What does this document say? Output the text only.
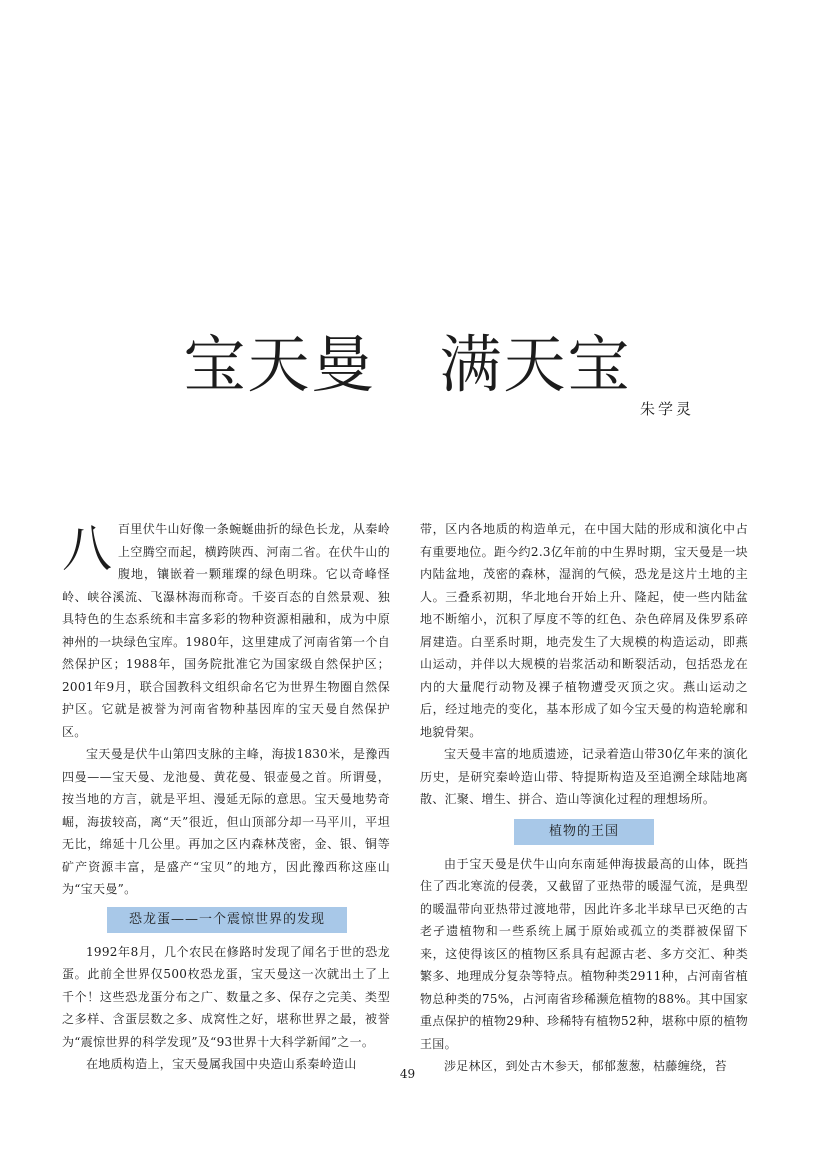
宝天曼 满天宝
朱学灵

八百里伏牛山好像一条蜿蜒曲折的绿色长龙，从秦岭上空腾空而起，横跨陕西、河南二省。在伏牛山的腹地，镶嵌着一颗璀璨的绿色明珠。它以奇峰怪岭、峡谷溪流、飞瀑林海而称奇。千姿百态的自然景观、独具特色的生态系统和丰富多彩的物种资源相融和，成为中原神州的一块绿色宝库。1980年，这里建成了河南省第一个自然保护区；1988年，国务院批准它为国家级自然保护区；2001年9月，联合国教科文组织命名它为世界生物圈自然保护区。它就是被誉为河南省物种基因库的宝天曼自然保护区。

宝天曼是伏牛山第四支脉的主峰，海拔1830米，是豫西四曼——宝天曼、龙池曼、黄花曼、银壶曼之首。所谓曼，按当地的方言，就是平坦、漫延无际的意思。宝天曼地势奇崛，海拔较高，离“天”很近，但山顶部分却一马平川，平坦无比，绵延十几公里。再加之区内森林茂密，金、银、铜等矿产资源丰富，是盛产“宝贝”的地方，因此豫西称这座山为“宝天曼”。

恐龙蛋——一个震惊世界的发现

1992年8月，几个农民在修路时发现了闻名于世的恐龙蛋。此前全世界仅500枚恐龙蛋，宝天曼这一次就出土了上千个！这些恐龙蛋分布之广、数量之多、保存之完美、类型之多样、含蛋层数之多、成窝性之好，堪称世界之最，被誉为“震惊世界的科学发现”及“93世界十大科学新闻”之一。

在地质构造上，宝天曼属我国中央造山系秦岭造山

带，区内各地质的构造单元，在中国大陆的形成和演化中占有重要地位。距今约2.3亿年前的中生界时期，宝天曼是一块内陆盆地，茂密的森林，湿润的气候，恐龙是这片土地的主人。三叠系初期，华北地台开始上升、隆起，使一些内陆盆地不断缩小，沉积了厚度不等的红色、杂色碎屑及侏罗系碎屑建造。白垩系时期，地壳发生了大规模的构造运动，即燕山运动，并伴以大规模的岩浆活动和断裂活动，包括恐龙在内的大量爬行动物及裸子植物遭受灭顶之灾。燕山运动之后，经过地壳的变化，基本形成了如今宝天曼的构造轮廓和地貌骨架。

宝天曼丰富的地质遗迹，记录着造山带30亿年来的演化历史，是研究秦岭造山带、特提斯构造及至追溯全球陆地离散、汇聚、增生、拼合、造山等演化过程的理想场所。

植物的王国

由于宝天曼是伏牛山向东南延伸海拔最高的山体，既挡住了西北寒流的侵袭，又截留了亚热带的暖湿气流，是典型的暖温带向亚热带过渡地带，因此许多北半球早已灭绝的古老孑遗植物和一些系统上属于原始或孤立的类群被保留下来，这使得该区的植物区系具有起源古老、多方交汇、种类繁多、地理成分复杂等特点。植物种类2911种，占河南省植物总种类的75%，占河南省珍稀濒危植物的88%。其中国家重点保护的植物29种、珍稀特有植物52种，堪称中原的植物王国。

涉足林区，到处古木参天，郁郁葱葱，枯藤缠绕，苔

49
